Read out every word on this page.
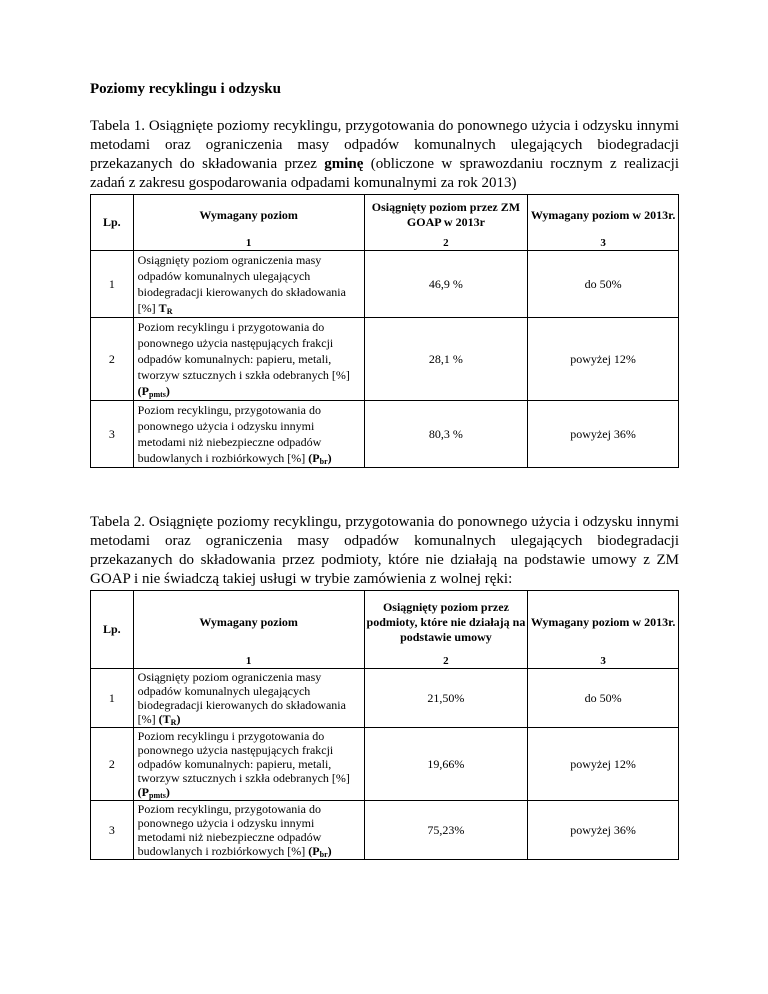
Poziomy recyklingu i odzysku
Tabela 1. Osiągnięte poziomy recyklingu, przygotowania do ponownego użycia i odzysku innymi metodami oraz ograniczenia masy odpadów komunalnych ulegających biodegradacji przekazanych do składowania przez gminę (obliczone w sprawozdaniu rocznym z realizacji zadań z zakresu gospodarowania odpadami komunalnymi za rok 2013)
Lp.	Wymagany poziom	Osiągnięty poziom przez ZM GOAP w 2013r	Wymagany poziom w 2013r.
	1	2	3
1	Osiągnięty poziom ograniczenia masy odpadów komunalnych ulegających biodegradacji kierowanych do składowania [%] $T_R$	46,9 %	do 50%
2	Poziom recyklingu i przygotowania do ponownego użycia następujących frakcji odpadów komunalnych: papieru, metali, tworzyw sztucznych i szkła odebranych [%] $(P_{pmts})$	28,1 %	powyżej 12%
3	Poziom recyklingu, przygotowania do ponownego użycia i odzysku innymi metodami niż niebezpieczne odpadów budowlanych i rozbiórkowych [%] $(P_{br})$	80,3 %	powyżej 36%
Tabela 2. Osiągnięte poziomy recyklingu, przygotowania do ponownego użycia i odzysku innymi metodami oraz ograniczenia masy odpadów komunalnych ulegających biodegradacji przekazanych do składowania przez podmioty, które nie działają na podstawie umowy z ZM GOAP i nie świadczą takiej usługi w trybie zamówienia z wolnej ręki:
Lp.	Wymagany poziom	Osiągnięty poziom przez podmioty, które nie działają na podstawie umowy	Wymagany poziom w 2013r.
	1	2	3
1	Osiągnięty poziom ograniczenia masy odpadów komunalnych ulegających biodegradacji kierowanych do składowania [%] $(T_R)$	21,50%	do 50%
2	Poziom recyklingu i przygotowania do ponownego użycia następujących frakcji odpadów komunalnych: papieru, metali, tworzyw sztucznych i szkła odebranych [%] $(P_{pmts})$	19,66%	powyżej 12%
3	Poziom recyklingu, przygotowania do ponownego użycia i odzysku innymi metodami niż niebezpieczne odpadów budowlanych i rozbiórkowych [%] $(P_{br})$	75,23%	powyżej 36%
